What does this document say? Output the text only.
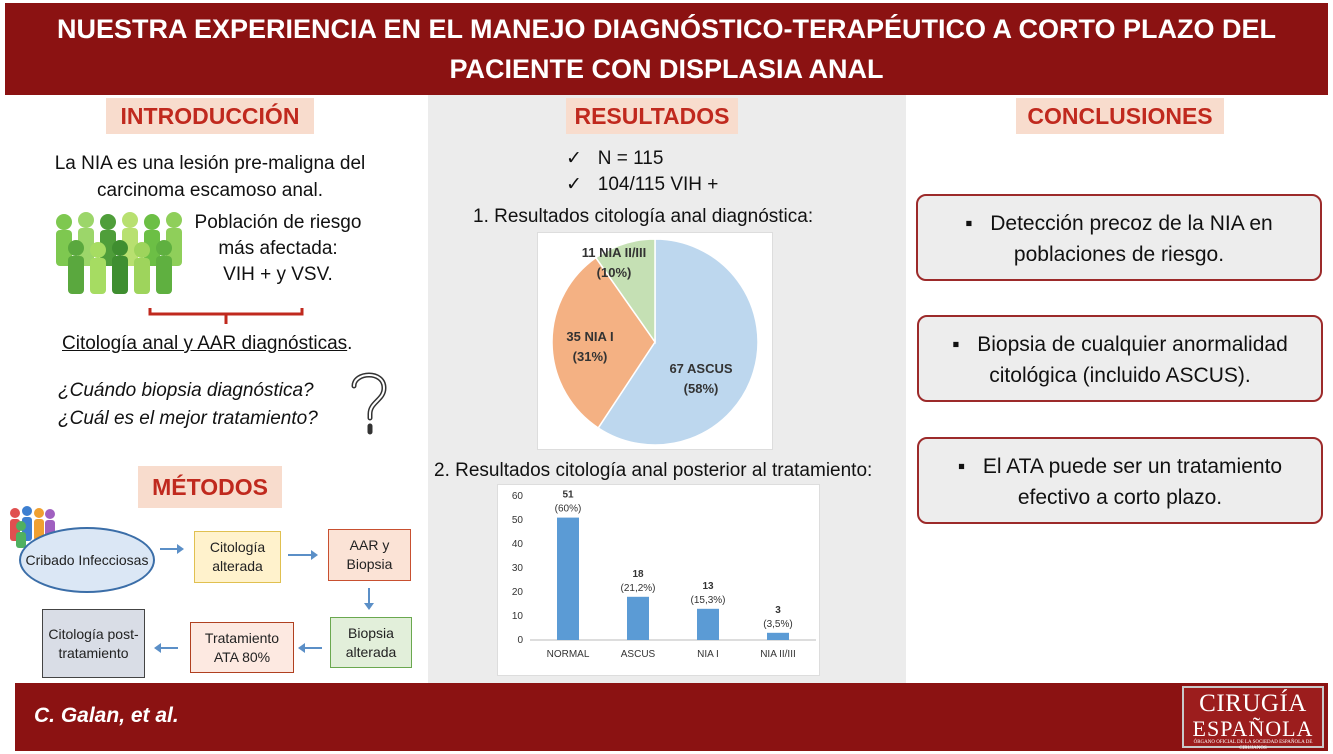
NUESTRA EXPERIENCIA EN EL MANEJO DIAGNÓSTICO-TERAPÉUTICO A CORTO PLAZO DEL
PACIENTE CON DISPLASIA ANAL
INTRODUCCIÓN
La NIA es una lesión pre-maligna del
carcinoma escamoso anal.
Población de riesgo
más afectada:
VIH + y VSV.
Citología anal y AAR diagnósticas.
¿Cuándo biopsia diagnóstica?
¿Cuál es el mejor tratamiento?
MÉTODOS
Cribado Infecciosas
Citología alterada
AAR y Biopsia
Biopsia alterada
Tratamiento ATA 80%
Citología post-tratamiento
RESULTADOS
✓ N = 115
✓ 104/115 VIH +
1. Resultados citología anal diagnóstica:
67 ASCUS
(58%)
35 NIA I
(31%)
11 NIA II/III
(10%)
2. Resultados citología anal posterior al tratamiento:
0
10
20
30
40
50
60	51
(60%)
NORMAL
18
(21,2%)
ASCUS
13
(15,3%)
NIA I
3
(3,5%)
NIA II/III
CONCLUSIONES
▪ Detección precoz de la NIA en
poblaciones de riesgo.
▪ Biopsia de cualquier anormalidad
citológica (incluido ASCUS).
▪ El ATA puede ser un tratamiento
efectivo a corto plazo.
C. Galan, et al.	CIRUGÍA
ESPAÑOLA
ÓRGANO OFICIAL DE LA SOCIEDAD ESPAÑOLA DE CIRUJANOS
